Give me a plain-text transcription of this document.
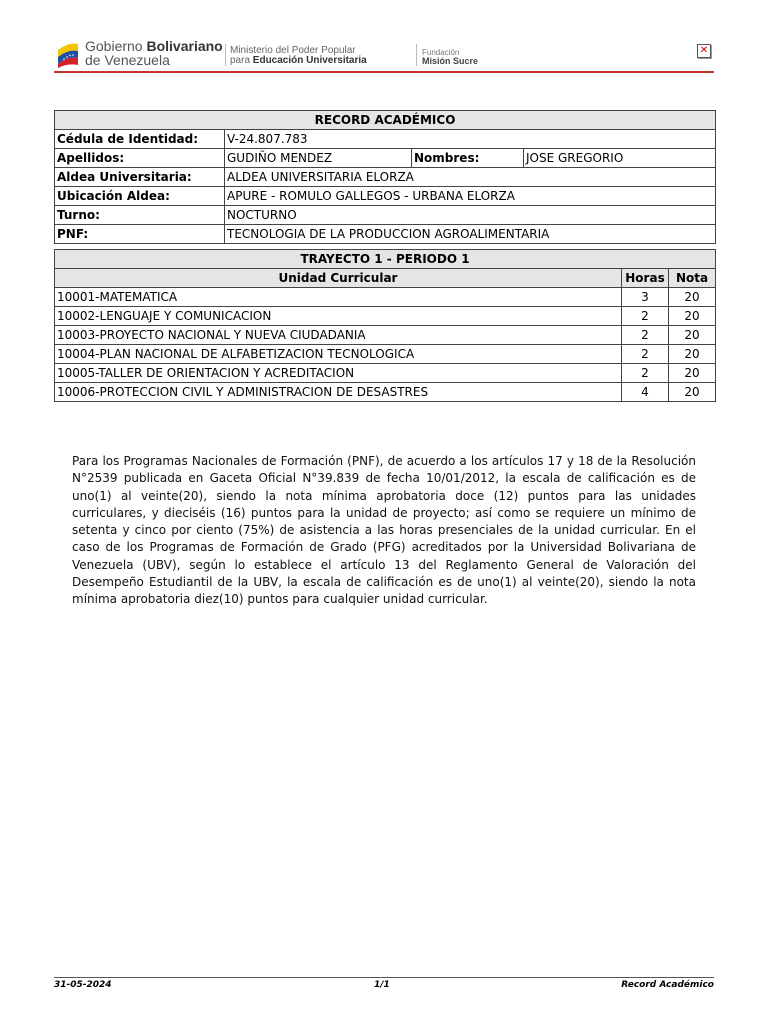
Gobierno Bolivariano
de Venezuela
Ministerio del Poder Popular
para Educación Universitaria
Fundación
Misión Sucre
✕
RECORD ACADÉMICO			
Cédula de Identidad:	V-24.807.783		
Apellidos:	GUDIÑO MENDEZ	Nombres:	JOSE GREGORIO
Aldea Universitaria:	ALDEA UNIVERSITARIA ELORZA		
Ubicación Aldea:	APURE - ROMULO GALLEGOS - URBANA ELORZA		
Turno:	NOCTURNO		
PNF:	TECNOLOGIA DE LA PRODUCCION AGROALIMENTARIA		
TRAYECTO 1 - PERIODO 1		
Unidad Curricular	Horas	Nota
10001-MATEMATICA	3	20
10002-LENGUAJE Y COMUNICACION	2	20
10003-PROYECTO NACIONAL Y NUEVA CIUDADANIA	2	20
10004-PLAN NACIONAL DE ALFABETIZACION TECNOLOGICA	2	20
10005-TALLER DE ORIENTACION Y ACREDITACION	2	20
10006-PROTECCION CIVIL Y ADMINISTRACION DE DESASTRES	4	20
Para los Programas Nacionales de Formación (PNF), de acuerdo a los artículos 17 y 18 de la Resolución N°2539 publicada en Gaceta Oficial N°39.839 de fecha 10/01/2012, la escala de calificación es de uno(1) al veinte(20), siendo la nota mínima aprobatoria doce (12) puntos para las unidades curriculares, y dieciséis (16) puntos para la unidad de proyecto; así como se requiere un mínimo de setenta y cinco por ciento (75%) de asistencia a las horas presenciales de la unidad curricular. En el caso de los Programas de Formación de Grado (PFG) acreditados por la Universidad Bolivariana de Venezuela (UBV), según lo establece el artículo 13 del Reglamento General de Valoración del Desempeño Estudiantil de la UBV, la escala de calificación es de uno(1) al veinte(20), siendo la nota mínima aprobatoria diez(10) puntos para cualquier unidad curricular.
31-05-2024	1/1	Record Académico
